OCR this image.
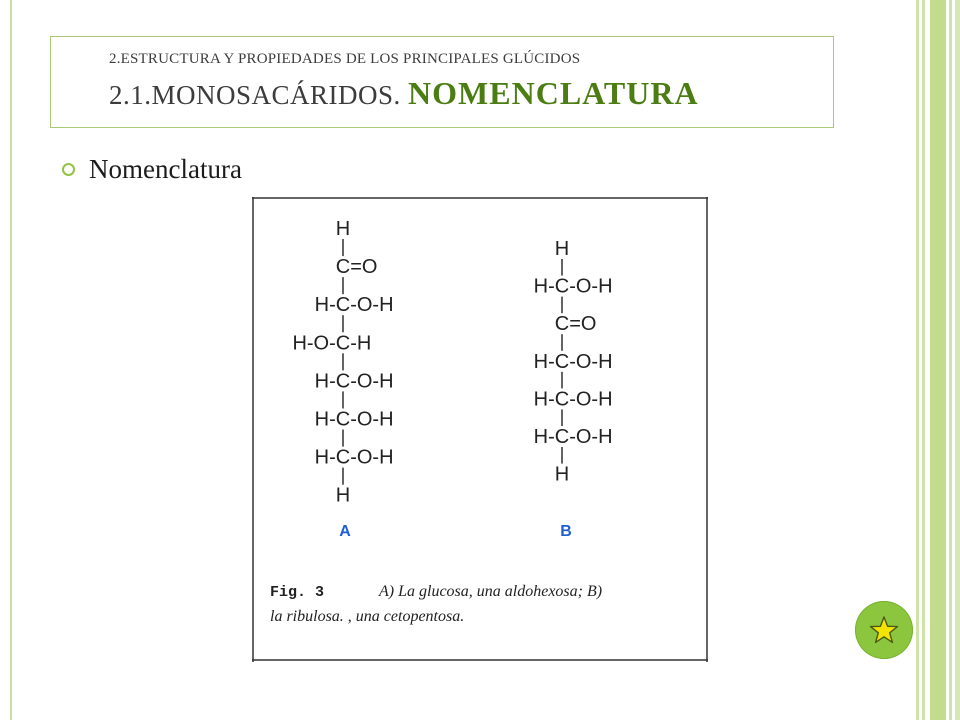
2.ESTRUCTURA Y PROPIEDADES DE LOS PRINCIPALES GLÚCIDOS
2.1.MONOSACÁRIDOS. NOMENCLATURA
Nomenclatura
H
C=O
H-C-O-H
H-O-C-H
H-C-O-H
H-C-O-H
H-C-O-H
H
H
H-C-O-H
C=O
H-C-O-H
H-C-O-H
H-C-O-H
H
A	B
Fig. 3	A) La glucosa, una aldohexosa; B)
la ribulosa. , una cetopentosa.
